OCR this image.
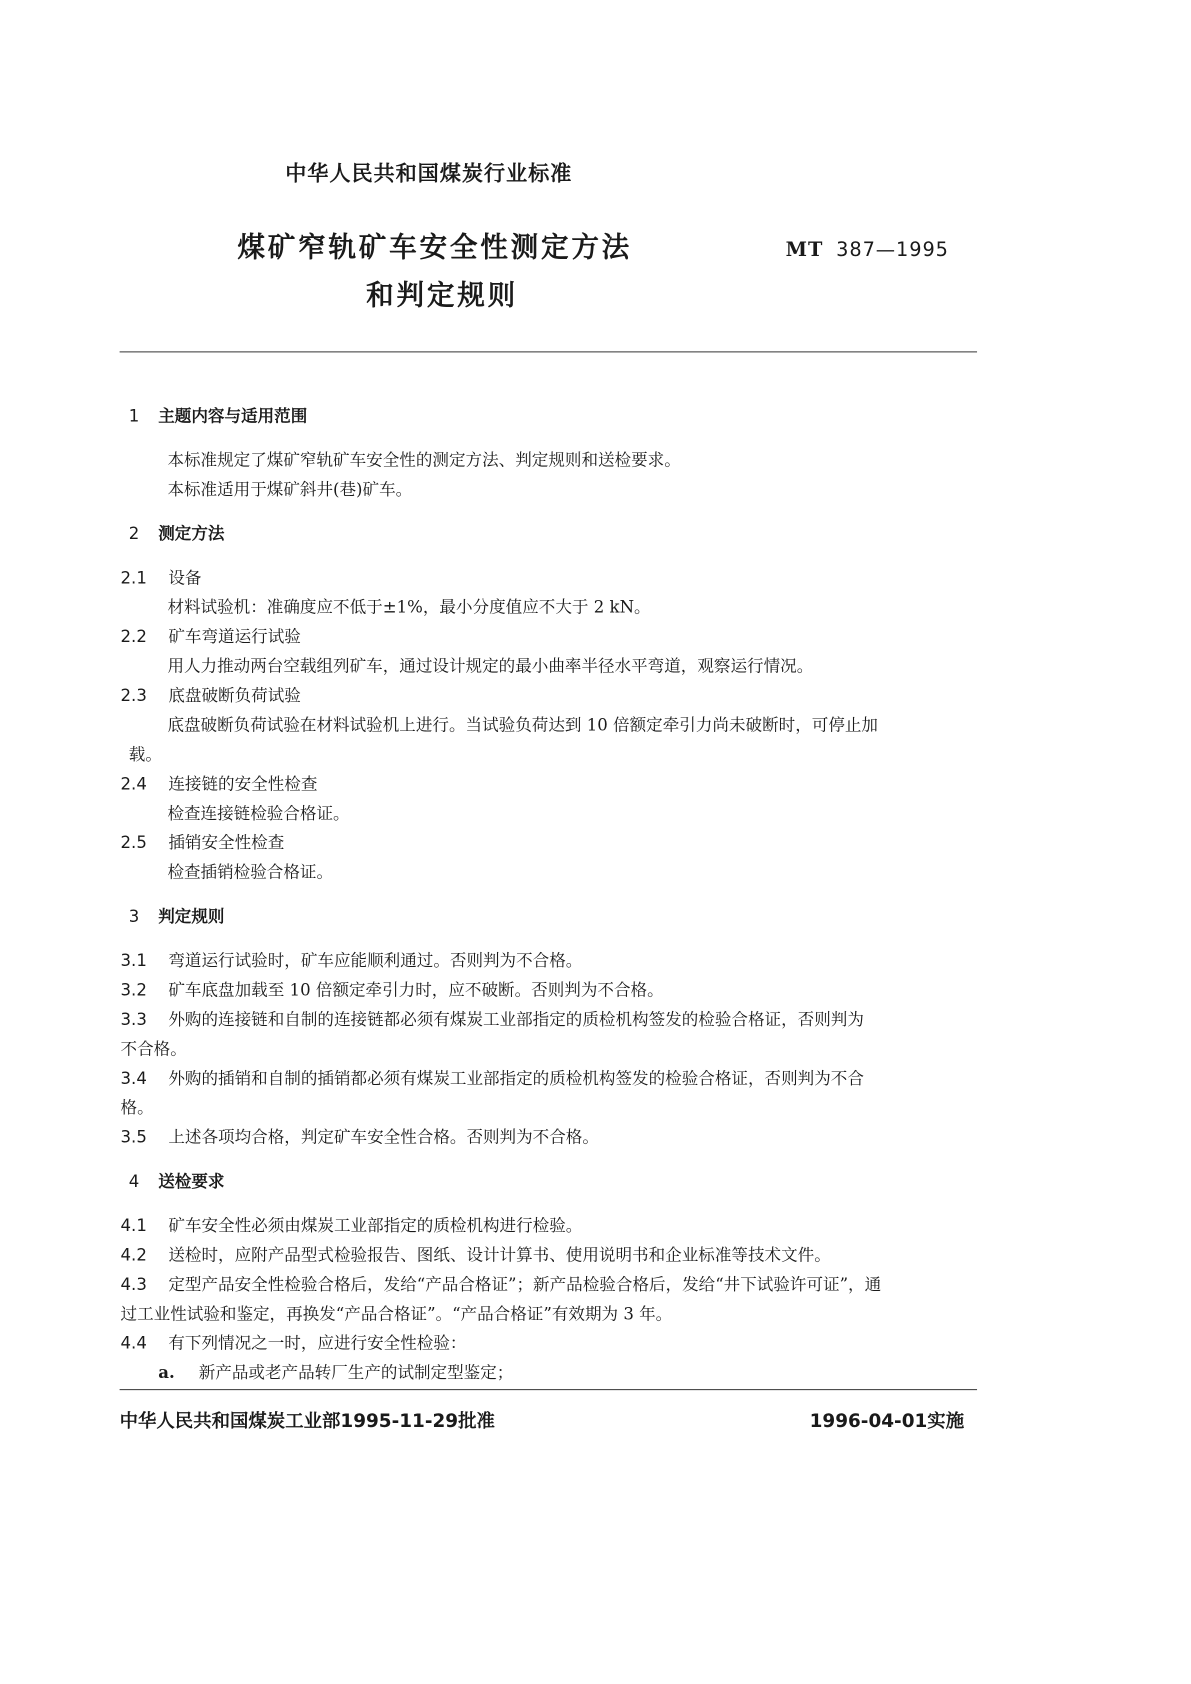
中华人民共和国煤炭行业标准
煤矿窄轨矿车安全性测定方法
和判定规则
MT 387—1995
1 主题内容与适用范围
本标准规定了煤矿窄轨矿车安全性的测定方法、判定规则和送检要求。
本标准适用于煤矿斜井(巷)矿车。
2 测定方法
2.1 设备
材料试验机：准确度应不低于±1%，最小分度值应不大于 2 kN。
2.2 矿车弯道运行试验
用人力推动两台空载组列矿车，通过设计规定的最小曲率半径水平弯道，观察运行情况。
2.3 底盘破断负荷试验
底盘破断负荷试验在材料试验机上进行。当试验负荷达到 10 倍额定牵引力尚未破断时，可停止加
载。
2.4 连接链的安全性检查
检查连接链检验合格证。
2.5 插销安全性检查
检查插销检验合格证。
3 判定规则
3.1 弯道运行试验时，矿车应能顺利通过。否则判为不合格。
3.2 矿车底盘加载至 10 倍额定牵引力时，应不破断。否则判为不合格。
3.3 外购的连接链和自制的连接链都必须有煤炭工业部指定的质检机构签发的检验合格证，否则判为
不合格。
3.4 外购的插销和自制的插销都必须有煤炭工业部指定的质检机构签发的检验合格证，否则判为不合
格。
3.5 上述各项均合格，判定矿车安全性合格。否则判为不合格。
4 送检要求
4.1 矿车安全性必须由煤炭工业部指定的质检机构进行检验。
4.2 送检时，应附产品型式检验报告、图纸、设计计算书、使用说明书和企业标准等技术文件。
4.3 定型产品安全性检验合格后，发给“产品合格证”；新产品检验合格后，发给“井下试验许可证”，通
过工业性试验和鉴定，再换发“产品合格证”。“产品合格证”有效期为 3 年。
4.4 有下列情况之一时，应进行安全性检验：
a. 新产品或老产品转厂生产的试制定型鉴定；
中华人民共和国煤炭工业部1995-11-29批准	1996-04-01实施
